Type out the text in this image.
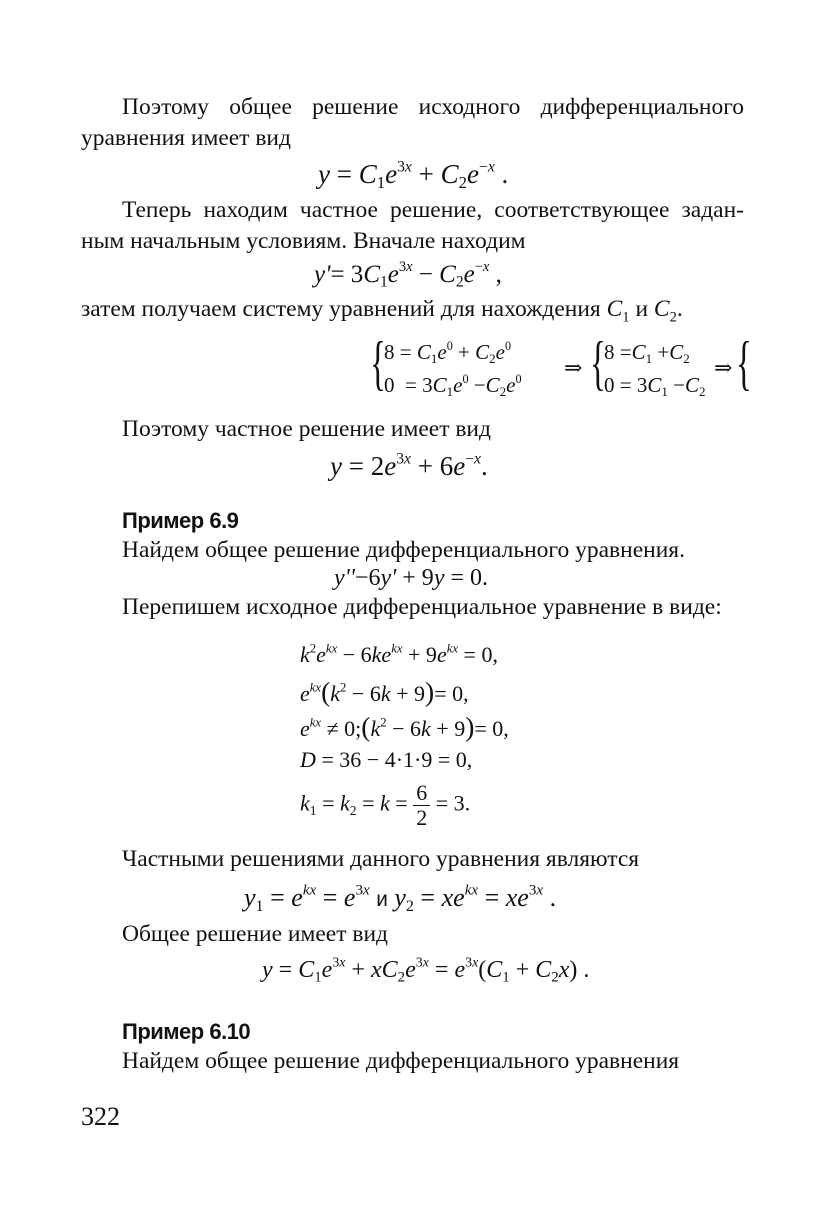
Поэтому общее решение исходного дифференциального
уравнения имеет вид
$y = C_1e^{3x} + C_2e^{-x}$ .
Теперь находим частное решение, соответствующее задан-
ным начальным условиям. Вначале находим
$y'= 3C_1e^{3x} - C_2e^{-x}$ ,
затем получаем систему уравнений для нахождения $C_1$ и $C_2$.
{
$8 = C_1e^0 + C_2e^0$
$0 = 3C_1e^0 -C_2e^0$ ⇒ {
$8 =C_1 +C_2$
$0 = 3C_1 -C_2$
⇒
Поэтому частное решение имеет вид
$y = 2e^{3x} + 6e^{-x}$.
Пример 6.9
Найдем общее решение дифференциального уравнения.
y''−6y' + 9y = 0.
Перепишем исходное дифференциальное уравнение в виде:
$k^2e^{kx} - 6ke^{kx} + 9e^{kx} = 0$,
$e^{kx}(k^2 - 6k + 9)= 0$,
$e^{kx}$ ≠ $0;(k^2 - 6k + 9)= 0$,
D = 36 − 4·1·9 = 0,
$k_1 = k_2 = k = \frac{6}{2} = 3$.
Частными решениями данного уравнения являются
$y_1 = e^{kx} = e^{3x}$ и $y_2 = xe^{kx} = xe^{3x}$ .
Общее решение имеет вид
$y = C_1e^{3x} + xC_2e^{3x} = e^{3x}(C_1 + C_2x)$ .
Пример 6.10
Найдем общее решение дифференциального уравнения
322
{
